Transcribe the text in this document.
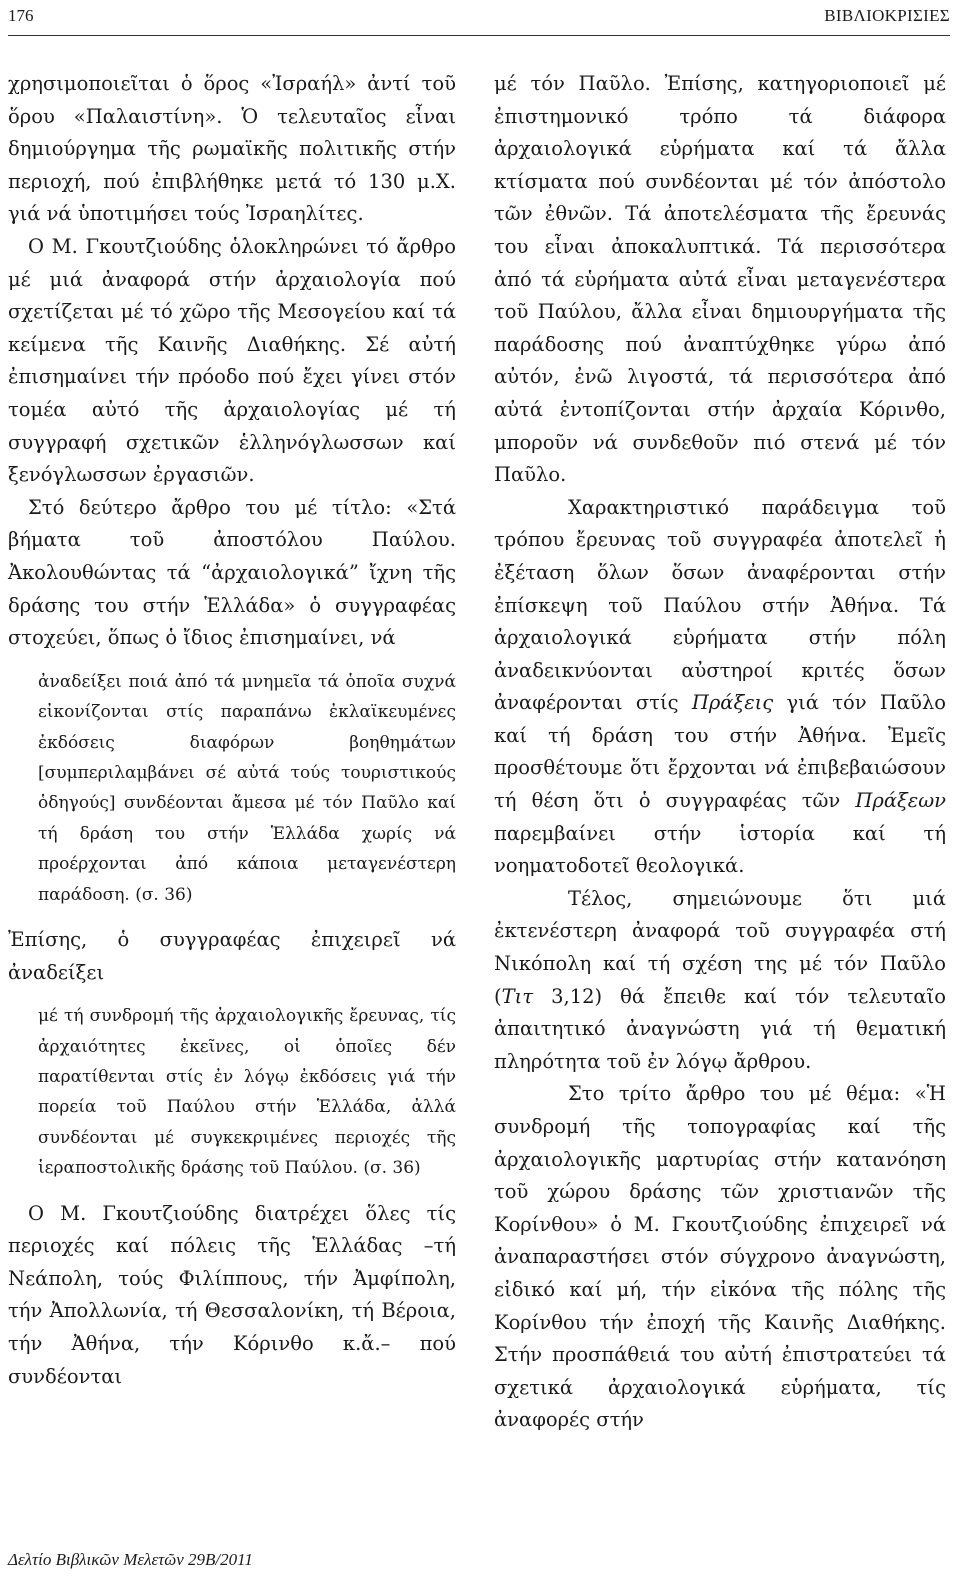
176	ΒΙΒΛΙΟΚΡΙΣΙΕΣ

χρησιμοποιεῖται ὁ ὅρος «Ἰσραήλ» ἀντί τοῦ ὅρου «Παλαιστίνη». Ὁ τελευταῖος εἶναι δημιούργημα τῆς ρωμαϊκῆς πολιτικῆς στήν περιοχή, πού ἐπιβλήθηκε μετά τό 130 μ.Χ. γιά νά ὑποτιμήσει τούς Ἰσραηλίτες.

Ο Μ. Γκουτζιούδης ὁλοκληρώνει τό ἄρθρο μέ μιά ἀναφορά στήν ἀρχαιολογία πού σχετίζεται μέ τό χῶρο τῆς Μεσογείου καί τά κείμενα τῆς Καινῆς Διαθήκης. Σέ αὐτή ἐπισημαίνει τήν πρόοδο πού ἔχει γίνει στόν τομέα αὐτό τῆς ἀρχαιολογίας μέ τή συγγραφή σχετικῶν ἑλληνόγλωσσων καί ξενόγλωσσων ἐργασιῶν.

Στό δεύτερο ἄρθρο του μέ τίτλο: «Στά βήματα τοῦ ἀποστόλου Παύλου. Ἀκολουθώντας τά “ἀρχαιολογικά” ἴχνη τῆς δράσης του στήν Ἑλλάδα» ὁ συγγραφέας στοχεύει, ὅπως ὁ ἴδιος ἐπισημαίνει, νά

ἀναδείξει ποιά ἀπό τά μνημεῖα τά ὁποῖα συχνά εἰκονίζονται στίς παραπάνω ἐκλαϊκευμένες ἐκδόσεις διαφόρων βοηθημάτων [συμπεριλαμβάνει σέ αὐτά τούς τουριστικούς ὁδηγούς] συνδέονται ἄμεσα μέ τόν Παῦλο καί τή δράση του στήν Ἑλλάδα χωρίς νά προέρχονται ἀπό κάποια μεταγενέστερη παράδοση. (σ. 36)

Ἐπίσης, ὁ συγγραφέας ἐπιχειρεῖ νά ἀναδείξει

μέ τή συνδρομή τῆς ἀρχαιολογικῆς ἔρευνας, τίς ἀρχαιότητες ἐκεῖνες, οἱ ὁποῖες δέν παρατίθενται στίς ἐν λόγῳ ἐκδόσεις γιά τήν πορεία τοῦ Παύλου στήν Ἑλλάδα, ἀλλά συνδέονται μέ συγκεκριμένες περιοχές τῆς ἱεραποστολικῆς δράσης τοῦ Παύλου. (σ. 36)

Ο Μ. Γκουτζιούδης διατρέχει ὅλες τίς περιοχές καί πόλεις τῆς Ἑλλάδας –τή Νεάπολη, τούς Φιλίππους, τήν Ἀμφίπολη, τήν Ἀπολλωνία, τή Θεσσαλονίκη, τή Βέροια, τήν Ἀθήνα, τήν Κόρινθο κ.ἄ.– πού συνδέονται

μέ τόν Παῦλο. Ἐπίσης, κατηγοριοποιεῖ μέ ἐπιστημονικό τρόπο τά διάφορα ἀρχαιολογικά εὑρήματα καί τά ἄλλα κτίσματα πού συνδέονται μέ τόν ἀπόστολο τῶν ἐθνῶν. Τά ἀποτελέσματα τῆς ἔρευνάς του εἶναι ἀποκαλυπτικά. Τά περισσότερα ἀπό τά εὑρήματα αὐτά εἶναι μεταγενέστερα τοῦ Παύλου, ἄλλα εἶναι δημιουργήματα τῆς παράδοσης πού ἀναπτύχθηκε γύρω ἀπό αὐτόν, ἐνῶ λιγοστά, τά περισσότερα ἀπό αὐτά ἐντοπίζονται στήν ἀρχαία Κόρινθο, μποροῦν νά συνδεθοῦν πιό στενά μέ τόν Παῦλο.

Χαρακτηριστικό παράδειγμα τοῦ τρόπου ἔρευνας τοῦ συγγραφέα ἀποτελεῖ ἡ ἐξέταση ὅλων ὅσων ἀναφέρονται στήν ἐπίσκεψη τοῦ Παύλου στήν Ἀθήνα. Τά ἀρχαιολογικά εὑρήματα στήν πόλη ἀναδεικνύονται αὐστηροί κριτές ὅσων ἀναφέρονται στίς Πράξεις γιά τόν Παῦλο καί τή δράση του στήν Ἀθήνα. Ἐμεῖς προσθέτουμε ὅτι ἔρχονται νά ἐπιβεβαιώσουν τή θέση ὅτι ὁ συγγραφέας τῶν Πράξεων παρεμβαίνει στήν ἱστορία καί τή νοηματοδοτεῖ θεολογικά.

Τέλος, σημειώνουμε ὅτι μιά ἐκτενέστερη ἀναφορά τοῦ συγγραφέα στή Νικόπολη καί τή σχέση της μέ τόν Παῦλο (Τιτ 3,12) θά ἔπειθε καί τόν τελευταῖο ἀπαιτητικό ἀναγνώστη γιά τή θεματική πληρότητα τοῦ ἐν λόγῳ ἄρθρου.

Στο τρίτο ἄρθρο του μέ θέμα: «Ἡ συνδρομή τῆς τοπογραφίας καί τῆς ἀρχαιολογικῆς μαρτυρίας στήν κατανόηση τοῦ χώρου δράσης τῶν χριστιανῶν τῆς Κορίνθου» ὁ Μ. Γκουτζιούδης ἐπιχειρεῖ νά ἀναπαραστήσει στόν σύγχρονο ἀναγνώστη, εἰδικό καί μή, τήν εἰκόνα τῆς πόλης τῆς Κορίνθου τήν ἐποχή τῆς Καινῆς Διαθήκης. Στήν προσπάθειά του αὐτή ἐπιστρατεύει τά σχετικά ἀρχαιολογικά εὑρήματα, τίς ἀναφορές στήν

Δελτίο Βιβλικῶν Μελετῶν 29Β/2011
